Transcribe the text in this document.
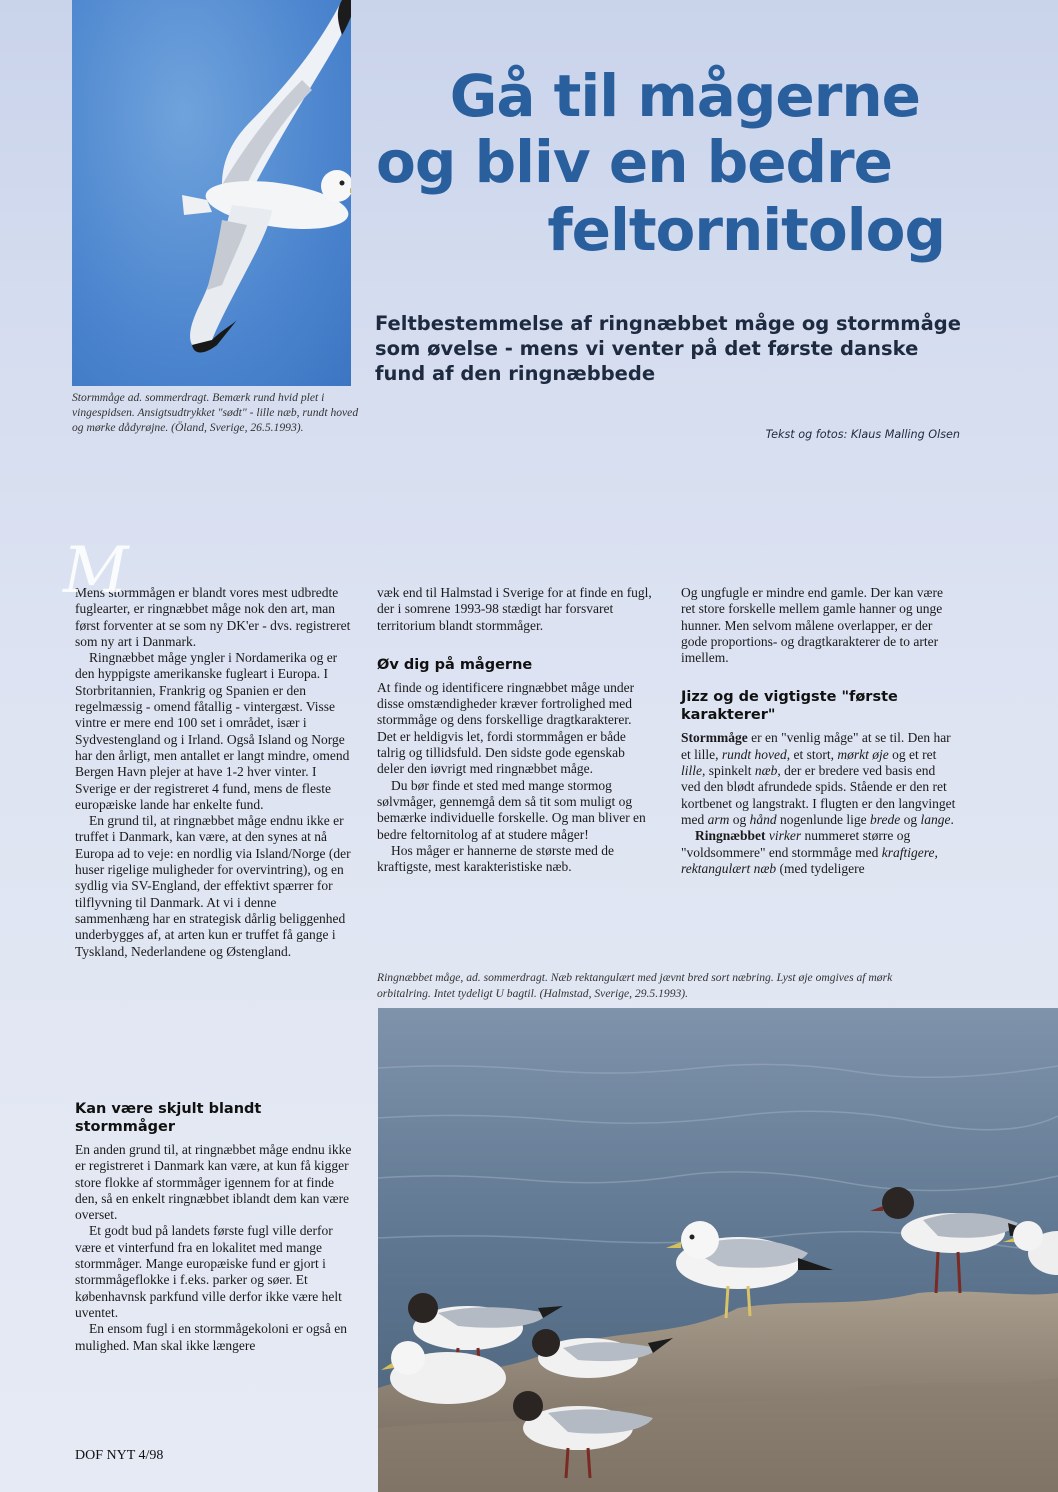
Stormmåge ad. sommerdragt. Bemærk rund hvid plet i vingespidsen. Ansigtsudtrykket "sødt" - lille næb, rundt hoved og mørke dådyrøjne. (Öland, Sverige, 26.5.1993).
Gå til mågerne
og bliv en bedre
feltornitolog
Feltbestemmelse af ringnæbbet måge og stormmåge som øvelse - mens vi venter på det første danske fund af den ringnæbbede
Tekst og fotos: Klaus Malling Olsen
M

Mens stormmågen er blandt vores mest udbredte fuglearter, er ringnæbbet måge nok den art, man først forventer at se som ny DK'er - dvs. registreret som ny art i Danmark.

Ringnæbbet måge yngler i Nordamerika og er den hyppigste amerikanske fugleart i Europa. I Storbritannien, Frankrig og Spanien er den regelmæssig - omend fåtallig - vintergæst. Visse vintre er mere end 100 set i området, især i Sydvestengland og i Irland. Også Island og Norge har den årligt, men antallet er langt mindre, omend Bergen Havn plejer at have 1-2 hver vinter. I Sverige er der registreret 4 fund, mens de fleste europæiske lande har enkelte fund.

En grund til, at ringnæbbet måge endnu ikke er truffet i Danmark, kan være, at den synes at nå Europa ad to veje: en nordlig via Island/Norge (der huser rigelige muligheder for overvintring), og en sydlig via SV-England, der effektivt spærrer for tilflyvning til Danmark. At vi i denne sammenhæng har en strategisk dårlig beliggenhed underbygges af, at arten kun er truffet få gange i Tyskland, Nederlandene og Østengland.

Kan være skjult blandt stormmåger

En anden grund til, at ringnæbbet måge endnu ikke er registreret i Danmark kan være, at kun få kigger store flokke af stormmåger igennem for at finde den, så en enkelt ringnæbbet iblandt dem kan være overset.

Et godt bud på landets første fugl ville derfor være et vinterfund fra en lokalitet med mange stormmåger. Mange europæiske fund er gjort i stormmågeflokke i f.eks. parker og søer. Et københavnsk parkfund ville derfor ikke være helt uventet.

En ensom fugl i en stormmågekoloni er også en mulighed. Man skal ikke længere

væk end til Halmstad i Sverige for at finde en fugl, der i somrene 1993-98 stædigt har forsvaret territorium blandt stormmåger.

Øv dig på mågerne

At finde og identificere ringnæbbet måge under disse omstændigheder kræver fortrolighed med stormmåge og dens forskellige dragtkarakterer. Det er heldigvis let, fordi stormmågen er både talrig og tillidsfuld. Den sidste gode egenskab deler den iøvrigt med ringnæbbet måge.

Du bør finde et sted med mange stormog sølvmåger, gennemgå dem så tit som muligt og bemærke individuelle forskelle. Og man bliver en bedre feltornitolog af at studere måger!

Hos måger er hannerne de største med de kraftigste, mest karakteristiske næb.

Og ungfugle er mindre end gamle. Der kan være ret store forskelle mellem gamle hanner og unge hunner. Men selvom målene overlapper, er der gode proportions- og dragtkarakterer de to arter imellem.

Jizz og de vigtigste "første karakterer"

Stormmåge er en "venlig måge" at se til. Den har et lille, rundt hoved, et stort, mørkt øje og et ret lille, spinkelt næb, der er bredere ved basis end ved den blødt afrundede spids. Stående er den ret kortbenet og langstrakt. I flugten er den langvinget med arm og hånd nogenlunde lige brede og lange.

Ringnæbbet virker nummeret større og "voldsommere" end stormmåge med kraftigere, rektangulært næb (med tydeligere

Ringnæbbet måge, ad. sommerdragt. Næb rektangulært med jævnt bred sort næbring. Lyst øje omgives af mørk orbitalring. Intet tydeligt U bagtil. (Halmstad, Sverige, 29.5.1993).
DOF NYT 4/98
